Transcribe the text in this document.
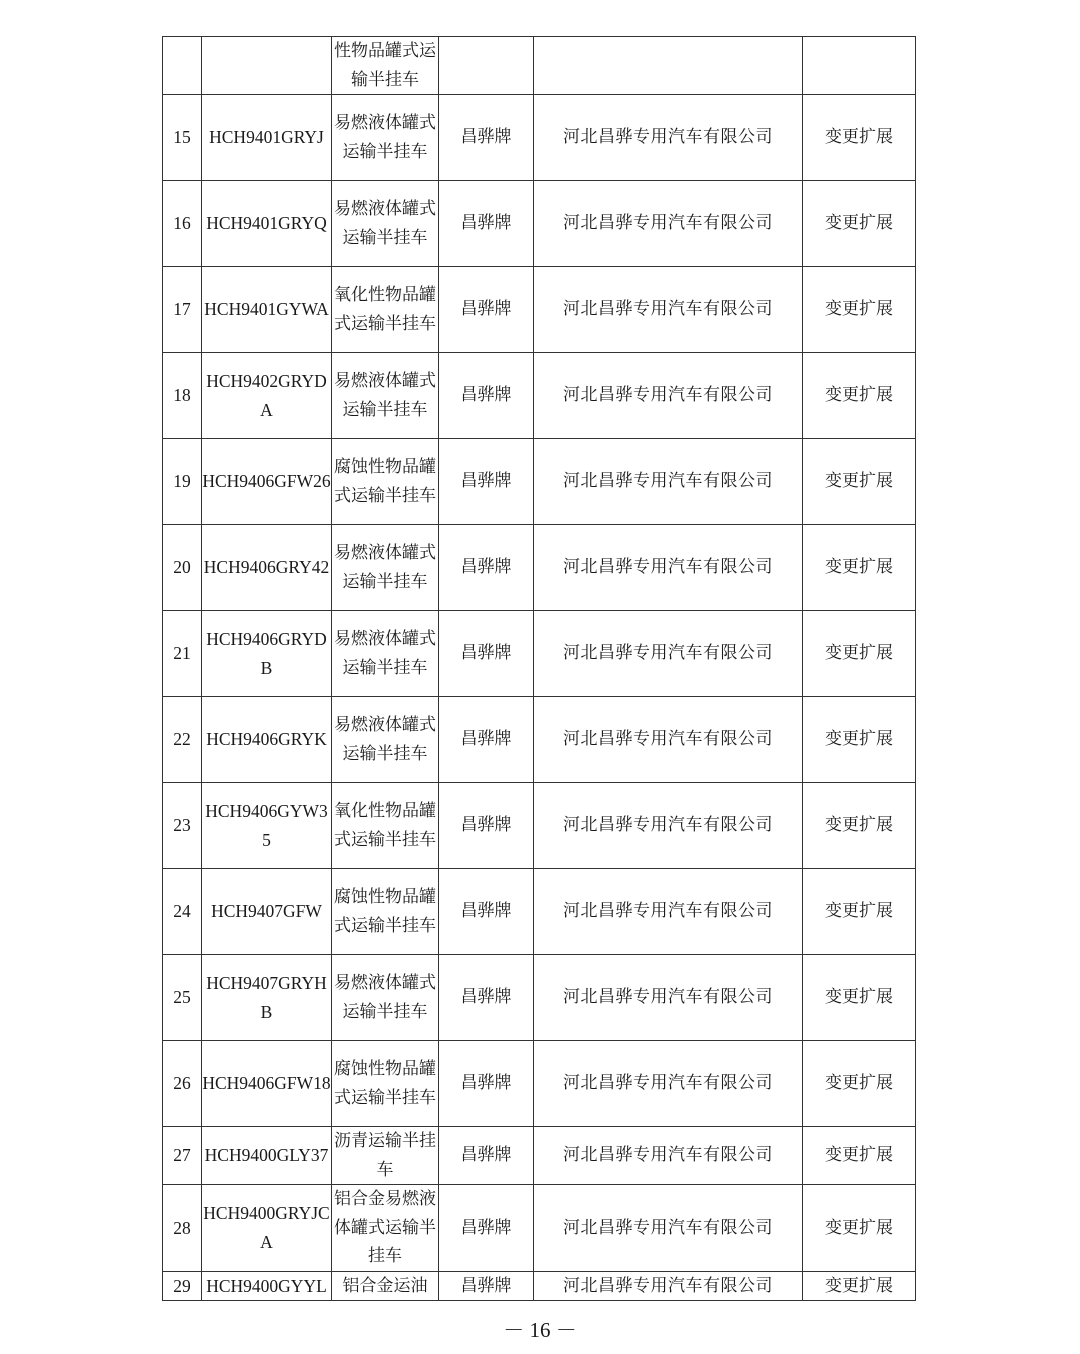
		性物品罐式运输半挂车			
15	HCH9401GRYJ	易燃液体罐式运输半挂车	昌骅牌	河北昌骅专用汽车有限公司	变更扩展
16	HCH9401GRYQ	易燃液体罐式运输半挂车	昌骅牌	河北昌骅专用汽车有限公司	变更扩展
17	HCH9401GYWA	氧化性物品罐式运输半挂车	昌骅牌	河北昌骅专用汽车有限公司	变更扩展
18	HCH9402GRYDA	易燃液体罐式运输半挂车	昌骅牌	河北昌骅专用汽车有限公司	变更扩展
19	HCH9406GFW26	腐蚀性物品罐式运输半挂车	昌骅牌	河北昌骅专用汽车有限公司	变更扩展
20	HCH9406GRY42	易燃液体罐式运输半挂车	昌骅牌	河北昌骅专用汽车有限公司	变更扩展
21	HCH9406GRYDB	易燃液体罐式运输半挂车	昌骅牌	河北昌骅专用汽车有限公司	变更扩展
22	HCH9406GRYK	易燃液体罐式运输半挂车	昌骅牌	河北昌骅专用汽车有限公司	变更扩展
23	HCH9406GYW35	氧化性物品罐式运输半挂车	昌骅牌	河北昌骅专用汽车有限公司	变更扩展
24	HCH9407GFW	腐蚀性物品罐式运输半挂车	昌骅牌	河北昌骅专用汽车有限公司	变更扩展
25	HCH9407GRYHB	易燃液体罐式运输半挂车	昌骅牌	河北昌骅专用汽车有限公司	变更扩展
26	HCH9406GFW18	腐蚀性物品罐式运输半挂车	昌骅牌	河北昌骅专用汽车有限公司	变更扩展
27	HCH9400GLY37	沥青运输半挂车	昌骅牌	河北昌骅专用汽车有限公司	变更扩展
28	HCH9400GRYJCA	铝合金易燃液体罐式运输半挂车	昌骅牌	河北昌骅专用汽车有限公司	变更扩展
29	HCH9400GYYL	铝合金运油	昌骅牌	河北昌骅专用汽车有限公司	变更扩展
－ 16 －
